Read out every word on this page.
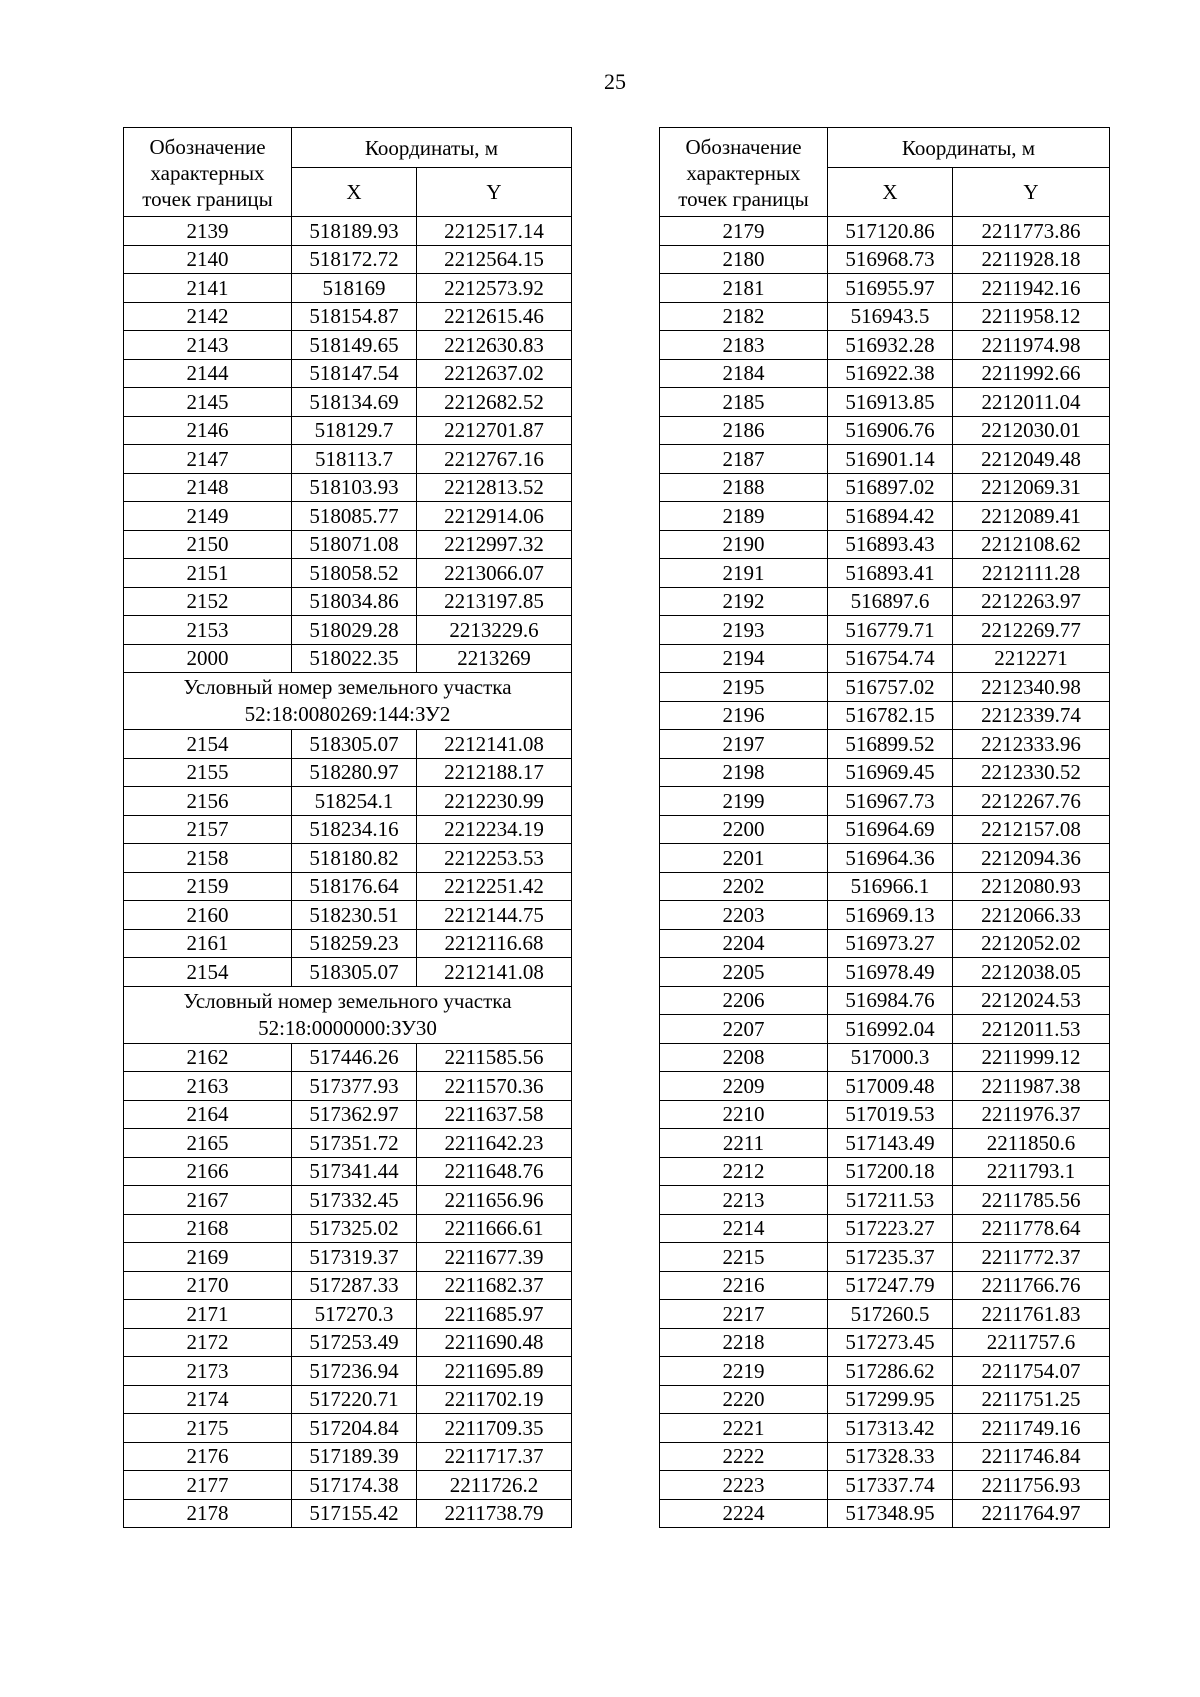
25
Обозначение
характерных
точек границы	Координаты, м	
	X	Y
2139	518189.93	2212517.14
2140	518172.72	2212564.15
2141	518169	2212573.92
2142	518154.87	2212615.46
2143	518149.65	2212630.83
2144	518147.54	2212637.02
2145	518134.69	2212682.52
2146	518129.7	2212701.87
2147	518113.7	2212767.16
2148	518103.93	2212813.52
2149	518085.77	2212914.06
2150	518071.08	2212997.32
2151	518058.52	2213066.07
2152	518034.86	2213197.85
2153	518029.28	2213229.6
2000	518022.35	2213269
Условный номер земельного участка 52:18:0080269:144:ЗУ2		
2154	518305.07	2212141.08
2155	518280.97	2212188.17
2156	518254.1	2212230.99
2157	518234.16	2212234.19
2158	518180.82	2212253.53
2159	518176.64	2212251.42
2160	518230.51	2212144.75
2161	518259.23	2212116.68
2154	518305.07	2212141.08
Условный номер земельного участка 52:18:0000000:ЗУ30		
2162	517446.26	2211585.56
2163	517377.93	2211570.36
2164	517362.97	2211637.58
2165	517351.72	2211642.23
2166	517341.44	2211648.76
2167	517332.45	2211656.96
2168	517325.02	2211666.61
2169	517319.37	2211677.39
2170	517287.33	2211682.37
2171	517270.3	2211685.97
2172	517253.49	2211690.48
2173	517236.94	2211695.89
2174	517220.71	2211702.19
2175	517204.84	2211709.35
2176	517189.39	2211717.37
2177	517174.38	2211726.2
2178	517155.42	2211738.79
Обозначение
характерных
точек границы	Координаты, м	
	X	Y
2179	517120.86	2211773.86
2180	516968.73	2211928.18
2181	516955.97	2211942.16
2182	516943.5	2211958.12
2183	516932.28	2211974.98
2184	516922.38	2211992.66
2185	516913.85	2212011.04
2186	516906.76	2212030.01
2187	516901.14	2212049.48
2188	516897.02	2212069.31
2189	516894.42	2212089.41
2190	516893.43	2212108.62
2191	516893.41	2212111.28
2192	516897.6	2212263.97
2193	516779.71	2212269.77
2194	516754.74	2212271
2195	516757.02	2212340.98
2196	516782.15	2212339.74
2197	516899.52	2212333.96
2198	516969.45	2212330.52
2199	516967.73	2212267.76
2200	516964.69	2212157.08
2201	516964.36	2212094.36
2202	516966.1	2212080.93
2203	516969.13	2212066.33
2204	516973.27	2212052.02
2205	516978.49	2212038.05
2206	516984.76	2212024.53
2207	516992.04	2212011.53
2208	517000.3	2211999.12
2209	517009.48	2211987.38
2210	517019.53	2211976.37
2211	517143.49	2211850.6
2212	517200.18	2211793.1
2213	517211.53	2211785.56
2214	517223.27	2211778.64
2215	517235.37	2211772.37
2216	517247.79	2211766.76
2217	517260.5	2211761.83
2218	517273.45	2211757.6
2219	517286.62	2211754.07
2220	517299.95	2211751.25
2221	517313.42	2211749.16
2222	517328.33	2211746.84
2223	517337.74	2211756.93
2224	517348.95	2211764.97
